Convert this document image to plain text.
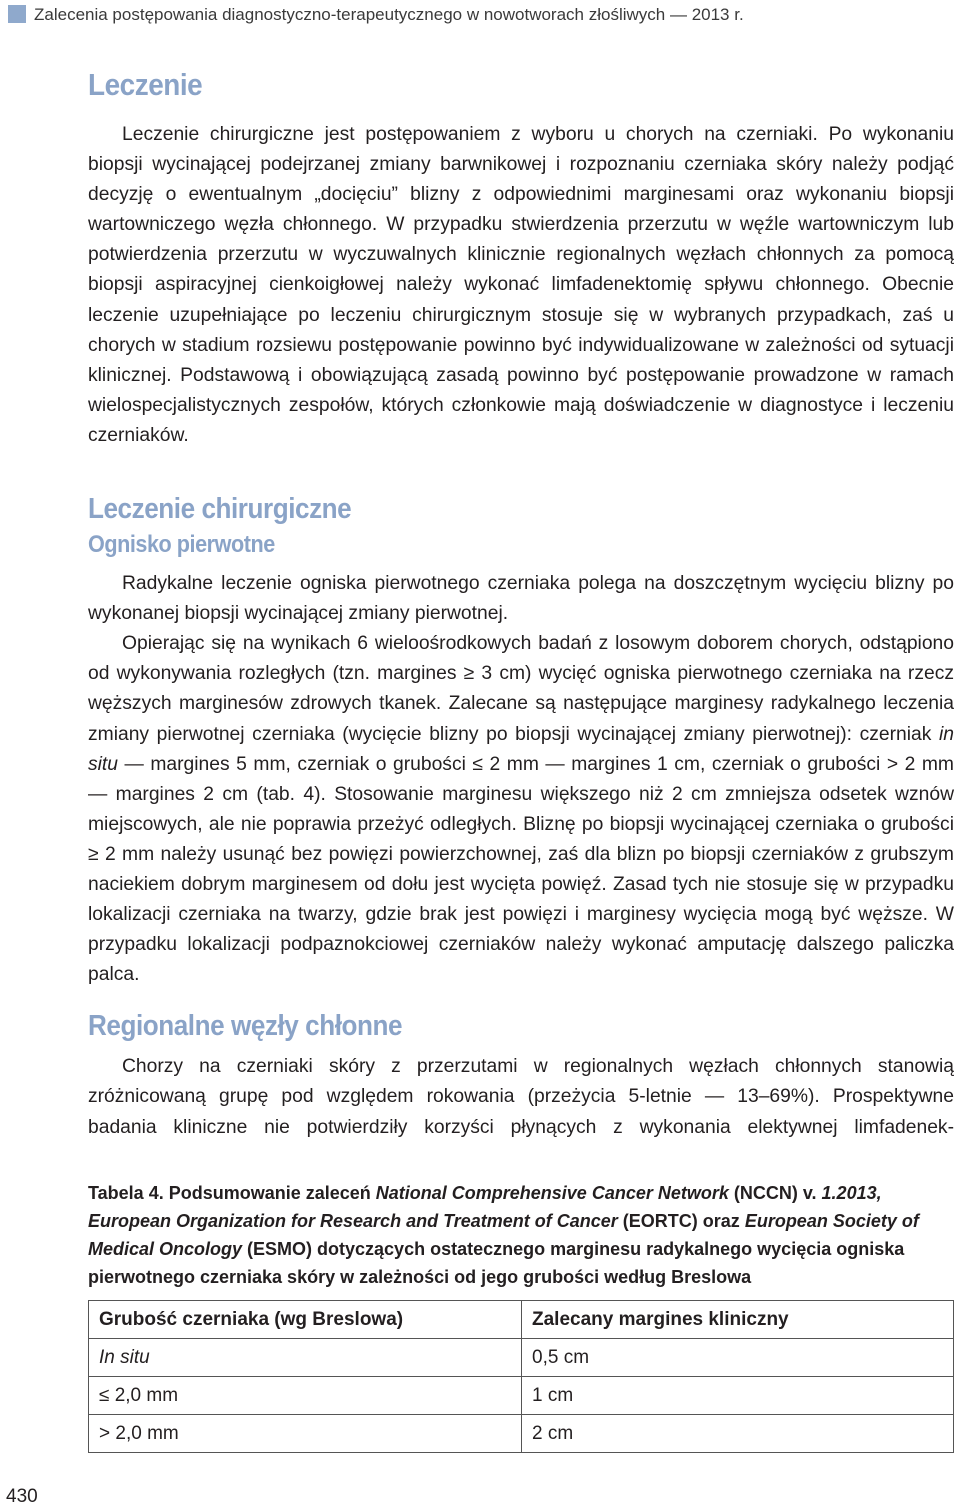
Zalecenia postępowania diagnostyczno-terapeutycznego w nowotworach złośliwych — 2013 r.
Leczenie

Leczenie chirurgiczne jest postępowaniem z wyboru u chorych na czerniaki. Po wykonaniu biopsji wycinającej podejrzanej zmiany barwnikowej i rozpoznaniu czerniaka skóry należy podjąć decyzję o ewentualnym „docięciu” blizny z odpowiednimi marginesami oraz wykonaniu biopsji wartowniczego węzła chłonnego. W przypadku stwierdzenia przerzutu w węźle wartowniczym lub potwierdzenia przerzutu w wyczuwalnych klinicznie regionalnych węzłach chłonnych za pomocą biopsji aspiracyjnej cienkoigłowej należy wykonać limfadenektomię spływu chłonnego. Obecnie leczenie uzupełniające po leczeniu chirurgicznym stosuje się w wybranych przypadkach, zaś u chorych w stadium rozsiewu postępowanie powinno być indywidualizowane w zależności od sytuacji klinicznej. Podstawową i obowiązującą zasadą powinno być postępowanie prowadzone w ramach wielospecjalistycznych zespołów, których członkowie mają doświadczenie w diagnostyce i leczeniu czerniaków.

Leczenie chirurgiczne
Ognisko pierwotne

Radykalne leczenie ogniska pierwotnego czerniaka polega na doszczętnym wycięciu blizny po wykonanej biopsji wycinającej zmiany pierwotnej.

Opierając się na wynikach 6 wieloośrodkowych badań z losowym doborem chorych, odstąpiono od wykonywania rozległych (tzn. margines ≥ 3 cm) wycięć ogniska pierwotnego czerniaka na rzecz węższych marginesów zdrowych tkanek. Zalecane są następujące marginesy radykalnego leczenia zmiany pierwotnej czerniaka (wycięcie blizny po biopsji wycinającej zmiany pierwotnej): czerniak in situ — margines 5 mm, czerniak o grubości ≤ 2 mm — margines 1 cm, czerniak o grubości > 2 mm — margines 2 cm (tab. 4). Stosowanie marginesu większego niż 2 cm zmniejsza odsetek wznów miejscowych, ale nie poprawia przeżyć odległych. Bliznę po biopsji wycinającej czerniaka o grubości ≥ 2 mm należy usunąć bez powięzi powierzchownej, zaś dla blizn po biopsji czerniaków z grubszym naciekiem dobrym marginesem od dołu jest wycięta powięź. Zasad tych nie stosuje się w przypadku lokalizacji czerniaka na twarzy, gdzie brak jest powięzi i marginesy wycięcia mogą być węższe. W przypadku lokalizacji podpaznokciowej czerniaków należy wykonać amputację dalszego paliczka palca.

Regionalne węzły chłonne

Chorzy na czerniaki skóry z przerzutami w regionalnych węzłach chłonnych stanowią zróżnicowaną grupę pod względem rokowania (przeżycia 5-letnie — 13–69%). Prospektywne badania kliniczne nie potwierdziły korzyści płynących z wykonania elektywnej limfadenek-

Tabela 4. Podsumowanie zaleceń National Comprehensive Cancer Network (NCCN) v. 1.2013, European Organization for Research and Treatment of Cancer (EORTC) oraz European Society of Medical Oncology (ESMO) dotyczących ostatecznego marginesu radykalnego wycięcia ogniska pierwotnego czerniaka skóry w zależności od jego grubości według Breslowa

Grubość czerniaka (wg Breslowa)	Zalecany margines kliniczny
In situ	0,5 cm
≤ 2,0 mm	1 cm
> 2,0 mm	2 cm
430
